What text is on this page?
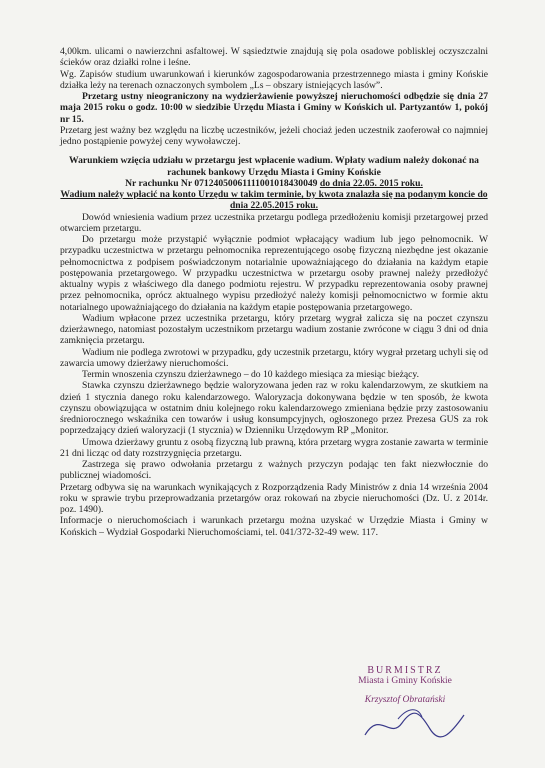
4,00km. ulicami o nawierzchni asfaltowej. W sąsiedztwie znajdują się pola osadowe poblisklej oczyszczalni ścieków oraz działki rolne i leśne.

Wg. Zapisów studium uwarunkowań i kierunków zagospodarowania przestrzennego miasta i gminy Końskie działka leży na terenach oznaczonych symbolem „Ls – obszary istniejących lasów”.

Przetarg ustny nieograniczony na wydzierżawienie powyższej nieruchomości odbędzie się dnia 27 maja 2015 roku o godz. 10:00 w siedzibie Urzędu Miasta i Gminy w Końskich ul. Partyzantów 1, pokój nr 15.

Przetarg jest ważny bez względu na liczbę uczestników, jeżeli chociaż jeden uczestnik zaoferował co najmniej jedno postąpienie powyżej ceny wywoławczej.

Warunkiem wzięcia udziału w przetargu jest wpłacenie wadium. Wpłaty wadium należy dokonać na rachunek bankowy Urzędu Miasta i Gminy Końskie

Nr rachunku Nr 07124050061111001018430049 do dnia 22.05. 2015 roku.

Wadium należy wpłacić na konto Urzędu w takim terminie, by kwota znalazła się na podanym koncie do dnia 22.05.2015 roku.

Dowód wniesienia wadium przez uczestnika przetargu podlega przedłożeniu komisji przetargowej przed otwarciem przetargu.

Do przetargu może przystąpić wyłącznie podmiot wpłacający wadium lub jego pełnomocnik. W przypadku uczestnictwa w przetargu pełnomocnika reprezentującego osobę fizyczną niezbędne jest okazanie pełnomocnictwa z podpisem poświadczonym notarialnie upoważniającego do działania na każdym etapie postępowania przetargowego. W przypadku uczestnictwa w przetargu osoby prawnej należy przedłożyć aktualny wypis z właściwego dla danego podmiotu rejestru. W przypadku reprezentowania osoby prawnej przez pełnomocnika, oprócz aktualnego wypisu przedłożyć należy komisji pełnomocnictwo w formie aktu notarialnego upoważniającego do działania na każdym etapie postępowania przetargowego.

Wadium wpłacone przez uczestnika przetargu, który przetarg wygrał zalicza się na poczet czynszu dzierżawnego, natomiast pozostałym uczestnikom przetargu wadium zostanie zwrócone w ciągu 3 dni od dnia zamknięcia przetargu.

Wadium nie podlega zwrotowi w przypadku, gdy uczestnik przetargu, który wygrał przetarg uchyli się od zawarcia umowy dzierżawy nieruchomości.

Termin wnoszenia czynszu dzierżawnego – do 10 każdego miesiąca za miesiąc bieżący.

Stawka czynszu dzierżawnego będzie waloryzowana jeden raz w roku kalendarzowym, ze skutkiem na dzień 1 stycznia danego roku kalendarzowego. Waloryzacja dokonywana będzie w ten sposób, że kwota czynszu obowiązująca w ostatnim dniu kolejnego roku kalendarzowego zmieniana będzie przy zastosowaniu średniorocznego wskaźnika cen towarów i usług konsumpcyjnych, ogłoszonego przez Prezesa GUS za rok poprzedzający dzień waloryzacji (1 stycznia) w Dzienniku Urzędowym RP „Monitor.

Umowa dzierżawy gruntu z osobą fizyczną lub prawną, która przetarg wygra zostanie zawarta w terminie 21 dni licząc od daty rozstrzygnięcia przetargu.

Zastrzega się prawo odwołania przetargu z ważnych przyczyn podając ten fakt niezwłocznie do publicznej wiadomości.

Przetarg odbywa się na warunkach wynikających z Rozporządzenia Rady Ministrów z dnia 14 września 2004 roku w sprawie trybu przeprowadzania przetargów oraz rokowań na zbycie nieruchomości (Dz. U. z 2014r. poz. 1490).

Informacje o nieruchomościach i warunkach przetargu można uzyskać w Urzędzie Miasta i Gminy w Końskich – Wydział Gospodarki Nieruchomościami, tel. 041/372-32-49 wew. 117.

BURMISTRZ
Miasta i Gminy Końskie
Krzysztof Obratański
